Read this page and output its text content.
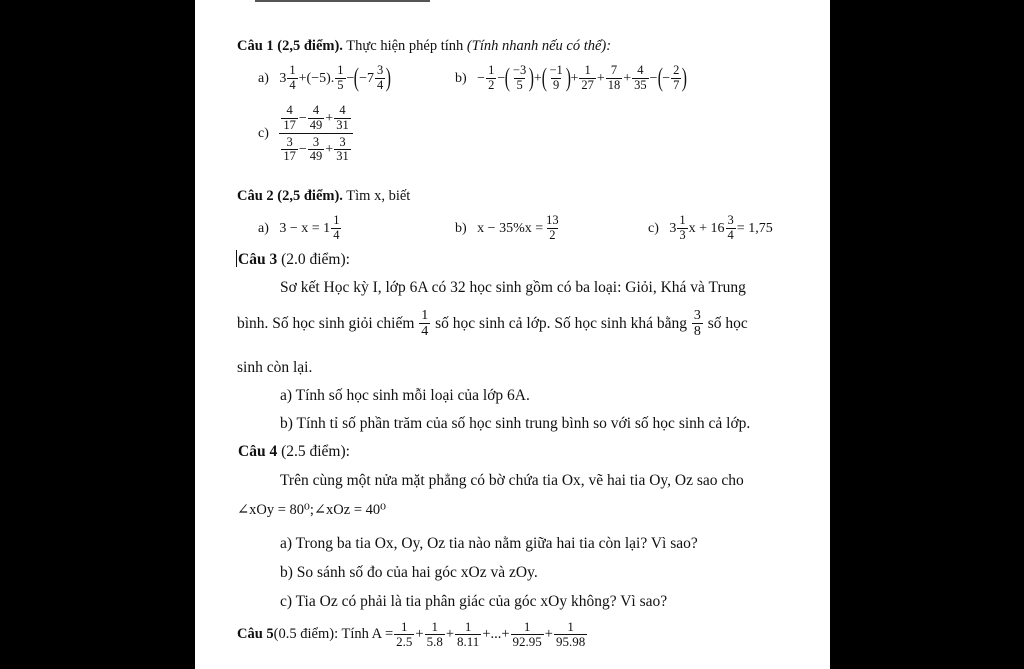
Câu 1 (2,5 điểm). Thực hiện phép tính (Tính nhanh nếu có thể):
a)
3
1
4 +(−5).
1
5 − ( −7
3
4 )	b)
− $\frac{1}{2}$ − ( −3
5 ) + ( −1
9 ) + $\frac{1}{27} + \frac{7}{18} + \frac{4}{35}$ − ( − $\frac{2}{7}$ )
c)

4
17 −
4
49 +
4
31
3
17 −
3
49 +
3
31
Câu 2 (2,5 điểm). Tìm x, biết
a)
3 − x = 1
1
4	b)
$x - 35\%x = \frac{13}{2}$	c)
3
1
3 $x + 16 \frac{3}{4} = 1,75$
Câu 3 (2.0 điểm):
Sơ kết Học kỳ I, lớp 6A có 32 học sinh gồm có ba loại: Giỏi, Khá và Trung
bình. Số học sinh giỏi chiếm
1
4
số học sinh cả lớp. Số học sinh khá bằng
3
8
số học
sinh còn lại.
a) Tính số học sinh mỗi loại của lớp 6A.
b) Tính tỉ số phần trăm của số học sinh trung bình so với số học sinh cả lớp.
Câu 4 (2.5 điểm):
Trên cùng một nửa mặt phẳng có bờ chứa tia Ox, vẽ hai tia Oy, Oz sao cho
∠xOy = 80⁰;∠xOz = 40⁰
a) Trong ba tia Ox, Oy, Oz tia nào nằm giữa hai tia còn lại? Vì sao?
b) So sánh số đo của hai góc xOz và zOy.
c) Tia Oz có phải là tia phân giác của góc xOy không? Vì sao?
Câu 5 (0.5 điểm): Tính $A = \frac{1}{2.5} + 1$
5.8 + 1
8.11 +...+ 1
92.95 + 1
95.98
